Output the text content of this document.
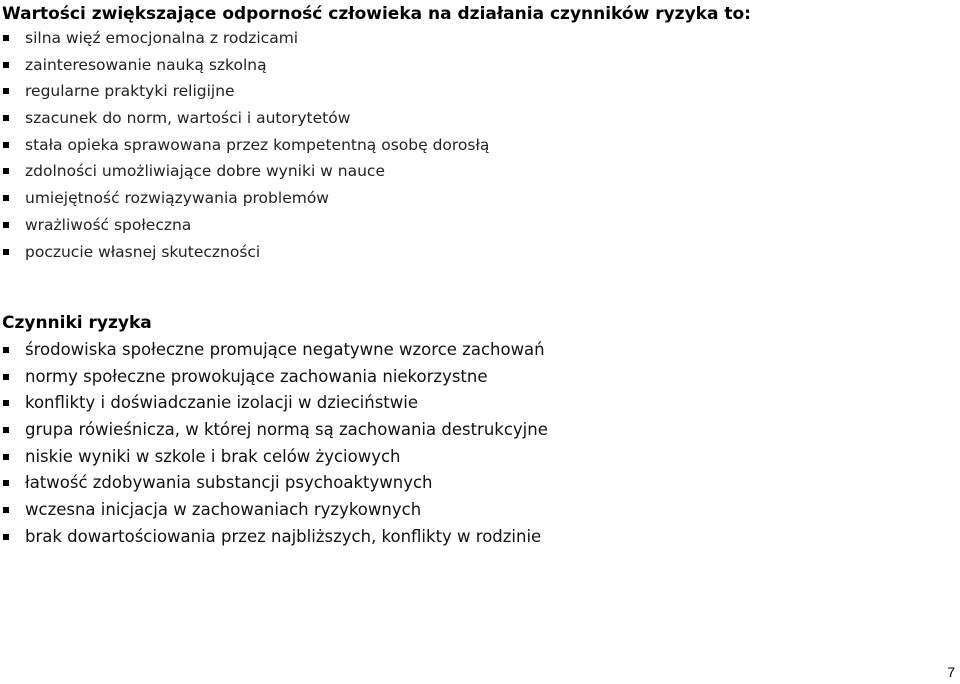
Wartości zwiększające odporność człowieka na działania czynników ryzyka to:
silna więź emocjonalna z rodzicami
zainteresowanie nauką szkolną
regularne praktyki religijne
szacunek do norm, wartości i autorytetów
stała opieka sprawowana przez kompetentną osobę dorosłą
zdolności umożliwiające dobre wyniki w nauce
umiejętność rozwiązywania problemów
wrażliwość społeczna
poczucie własnej skuteczności
Czynniki ryzyka
środowiska społeczne promujące negatywne wzorce zachowań
normy społeczne prowokujące zachowania niekorzystne
konflikty i doświadczanie izolacji w dzieciństwie
grupa rówieśnicza, w której normą są zachowania destrukcyjne
niskie wyniki w szkole i brak celów życiowych
łatwość zdobywania substancji psychoaktywnych
wczesna inicjacja w zachowaniach ryzykownych
brak dowartościowania przez najbliższych, konflikty w rodzinie
7
